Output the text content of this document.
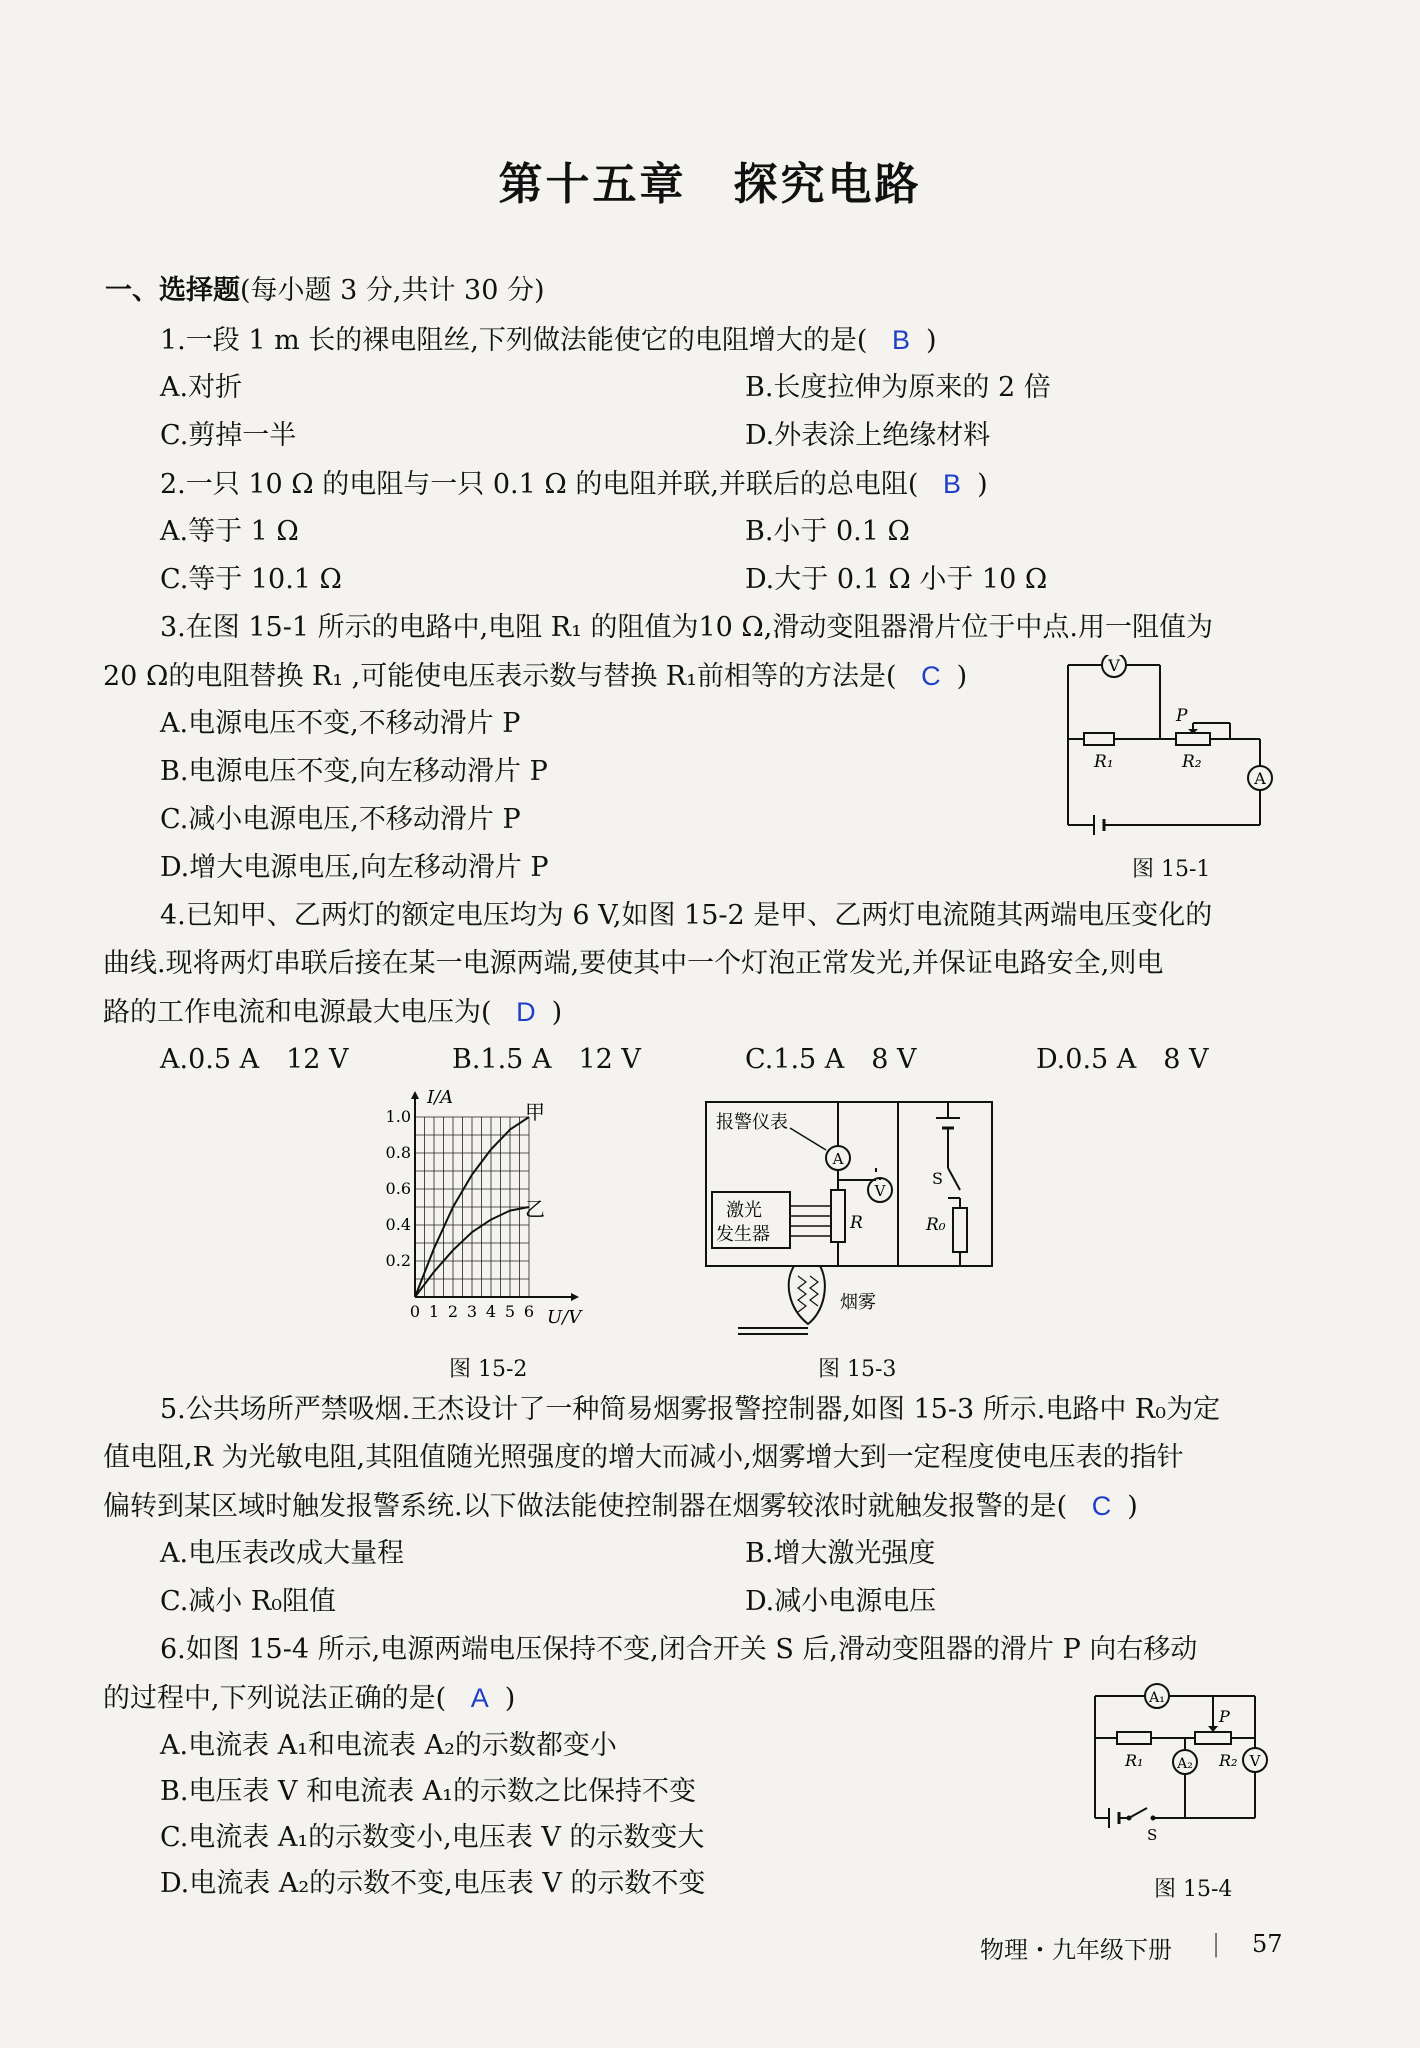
第十五章　探究电路
一、选择题(每小题 3 分,共计 30 分)
1.一段 1 m 长的裸电阻丝,下列做法能使它的电阻增大的是( B )
A.对折	B.长度拉伸为原来的 2 倍
C.剪掉一半	D.外表涂上绝缘材料
2.一只 10 Ω 的电阻与一只 0.1 Ω 的电阻并联,并联后的总电阻( B )
A.等于 1 Ω	B.小于 0.1 Ω
C.等于 10.1 Ω	D.大于 0.1 Ω 小于 10 Ω
3.在图 15-1 所示的电路中,电阻 R₁ 的阻值为10 Ω,滑动变阻器滑片位于中点.用一阻值为
20 Ω的电阻替换 R₁ ,可能使电压表示数与替换 R₁前相等的方法是( C )
A.电源电压不变,不移动滑片 P
B.电源电压不变,向左移动滑片 P
C.减小电源电压,不移动滑片 P
D.增大电源电压,向左移动滑片 P
V
A
R₁	R₂
P
图 15-1
4.已知甲、乙两灯的额定电压均为 6 V,如图 15-2 是甲、乙两灯电流随其两端电压变化的
曲线.现将两灯串联后接在某一电源两端,要使其中一个灯泡正常发光,并保证电路安全,则电
路的工作电流和电源最大电压为( D )
A.0.5 A　12 V	B.1.5 A　12 V	C.1.5 A　8 V	D.0.5 A　8 V
0 1 2 3 4 5 6
0.2
0.4
0.6
0.8
1.0
I/A
U/V
甲
乙
图 15-2
报警仪表
A
V
S
R	R₀
激光
发生器
烟雾
图 15-3
5.公共场所严禁吸烟.王杰设计了一种简易烟雾报警控制器,如图 15-3 所示.电路中 R₀为定
值电阻,R 为光敏电阻,其阻值随光照强度的增大而减小,烟雾增大到一定程度使电压表的指针
偏转到某区域时触发报警系统.以下做法能使控制器在烟雾较浓时就触发报警的是( C )
A.电压表改成大量程	B.增大激光强度
C.减小 R₀阻值	D.减小电源电压
6.如图 15-4 所示,电源两端电压保持不变,闭合开关 S 后,滑动变阻器的滑片 P 向右移动
的过程中,下列说法正确的是( A )
A.电流表 A₁和电流表 A₂的示数都变小
B.电压表 V 和电流表 A₁的示数之比保持不变
C.电流表 A₁的示数变小,电压表 V 的示数变大
D.电流表 A₂的示数不变,电压表 V 的示数不变
A₁
A₂	V
R₁	R₂
P
S
图 15-4
物理・九年级下册 | 57
